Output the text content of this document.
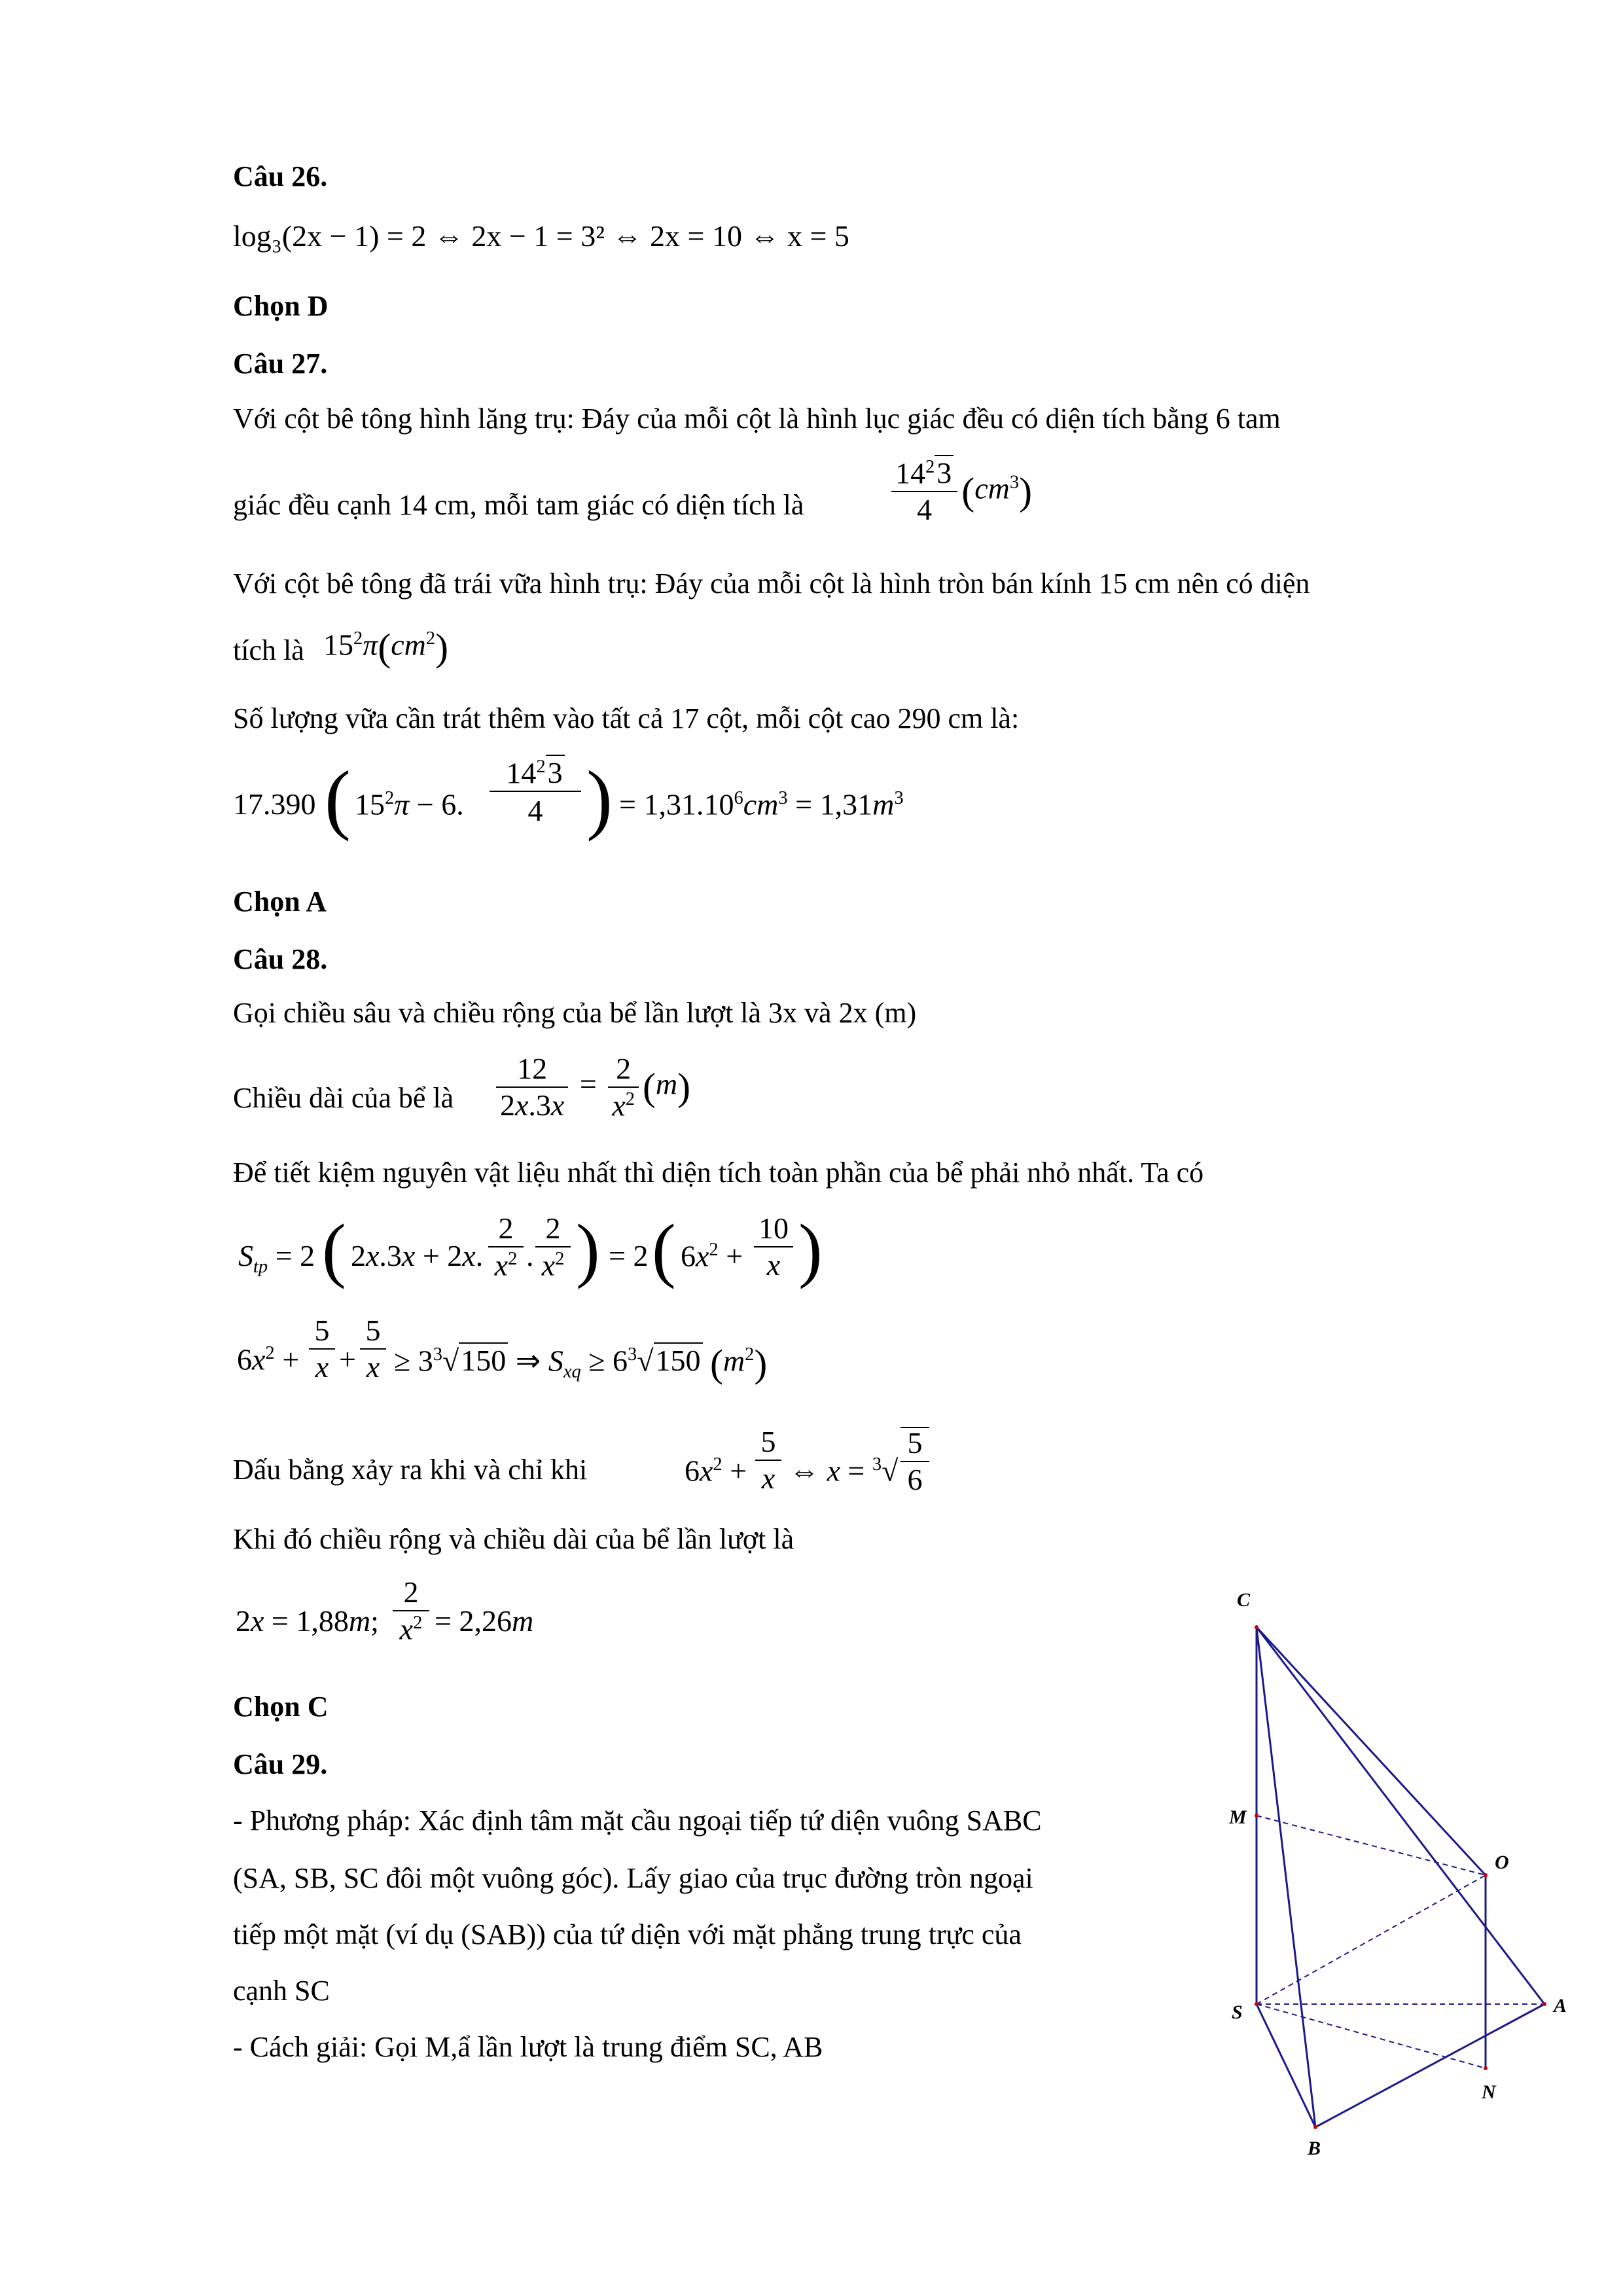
Câu 26.
log₃(2x − 1) = 2 ⇔ 2x − 1 = 3² ⇔ 2x = 10 ⇔ x = 5
Chọn D
Câu 27.
Với cột bê tông hình lăng trụ: Đáy của mỗi cột là hình lục giác đều có diện tích bằng 6 tam
giác đều cạnh 14 cm, mỗi tam giác có diện tích là	$\frac{14^23}{4} (cm^3)$
Với cột bê tông đã trái vữa hình trụ: Đáy của mỗi cột là hình tròn bán kính 15 cm nên có diện
tích là $15^2\pi(cm^2)$
Số lượng vữa cần trát thêm vào tất cả 17 cột, mỗi cột cao 290 cm là:
17.390 ( $15^2\pi - 6$.
$14^23$
4 ) = $1,31.10^6cm^3 = 1,31m^3$
Chọn A
Câu 28.
Gọi chiều sâu và chiều rộng của bể lần lượt là 3x và 2x (m)
Chiều dài của bể là $\frac{12}{2x.3x} = \frac{2}{x^2} (m)$
Để tiết kiệm nguyên vật liệu nhất thì diện tích toàn phần của bể phải nhỏ nhất. Ta có
$S_{tp} = 2$ ( 2x.3x + 2x.
2
$x^2$ .
2
$x^2$ ) = 2 ( $6x^2$ +
10
x )
$6x^2$ +
5
x +
5
$x \ge 3^3√150$ ⇒ $S_{xq} \ge 6^3√150$ $(m^2)$
Dấu bằng xảy ra khi và chỉ khi	$6x^2$ +
5
x ⇔ x = $^3$√
5
6
Khi đó chiều rộng và chiều dài của bể lần lượt là
2x = 1,88m;
2
$x^2 = 2,26m$
Chọn C
Câu 29.
- Phương pháp: Xác định tâm mặt cầu ngoại tiếp tứ diện vuông SABC
(SA, SB, SC đôi một vuông góc). Lấy giao của trục đường tròn ngoại
tiếp một mặt (ví dụ (SAB)) của tứ diện với mặt phẳng trung trực của
cạnh SC
- Cách giải: Gọi M,ẩ lần lượt là trung điểm SC, AB
C
M
S	A
O
N
B
